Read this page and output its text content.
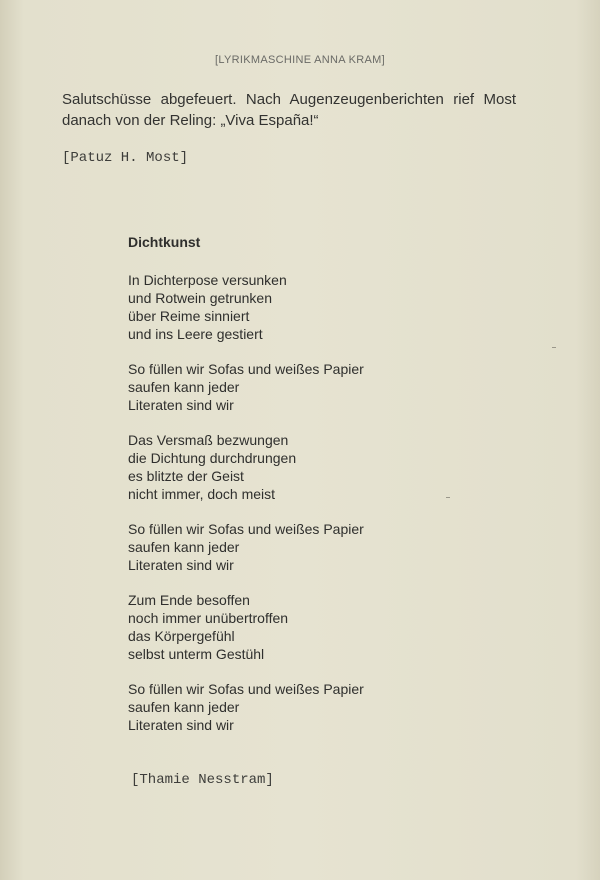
[LYRIKMASCHINE ANNA KRAM]

Salutschüsse abgefeuert. Nach Augenzeugenberichten rief Most

danach von der Reling: „Viva España!“

[Patuz H. Most]
Dichtkunst
In Dichterpose versunken
und Rotwein getrunken
über Reime sinniert
und ins Leere gestiert
So füllen wir Sofas und weißes Papier
saufen kann jeder
Literaten sind wir
Das Versmaß bezwungen
die Dichtung durchdrungen
es blitzte der Geist
nicht immer, doch meist
So füllen wir Sofas und weißes Papier
saufen kann jeder
Literaten sind wir
Zum Ende besoffen
noch immer unübertroffen
das Körpergefühl
selbst unterm Gestühl
So füllen wir Sofas und weißes Papier
saufen kann jeder
Literaten sind wir
[Thamie Nesstram]
